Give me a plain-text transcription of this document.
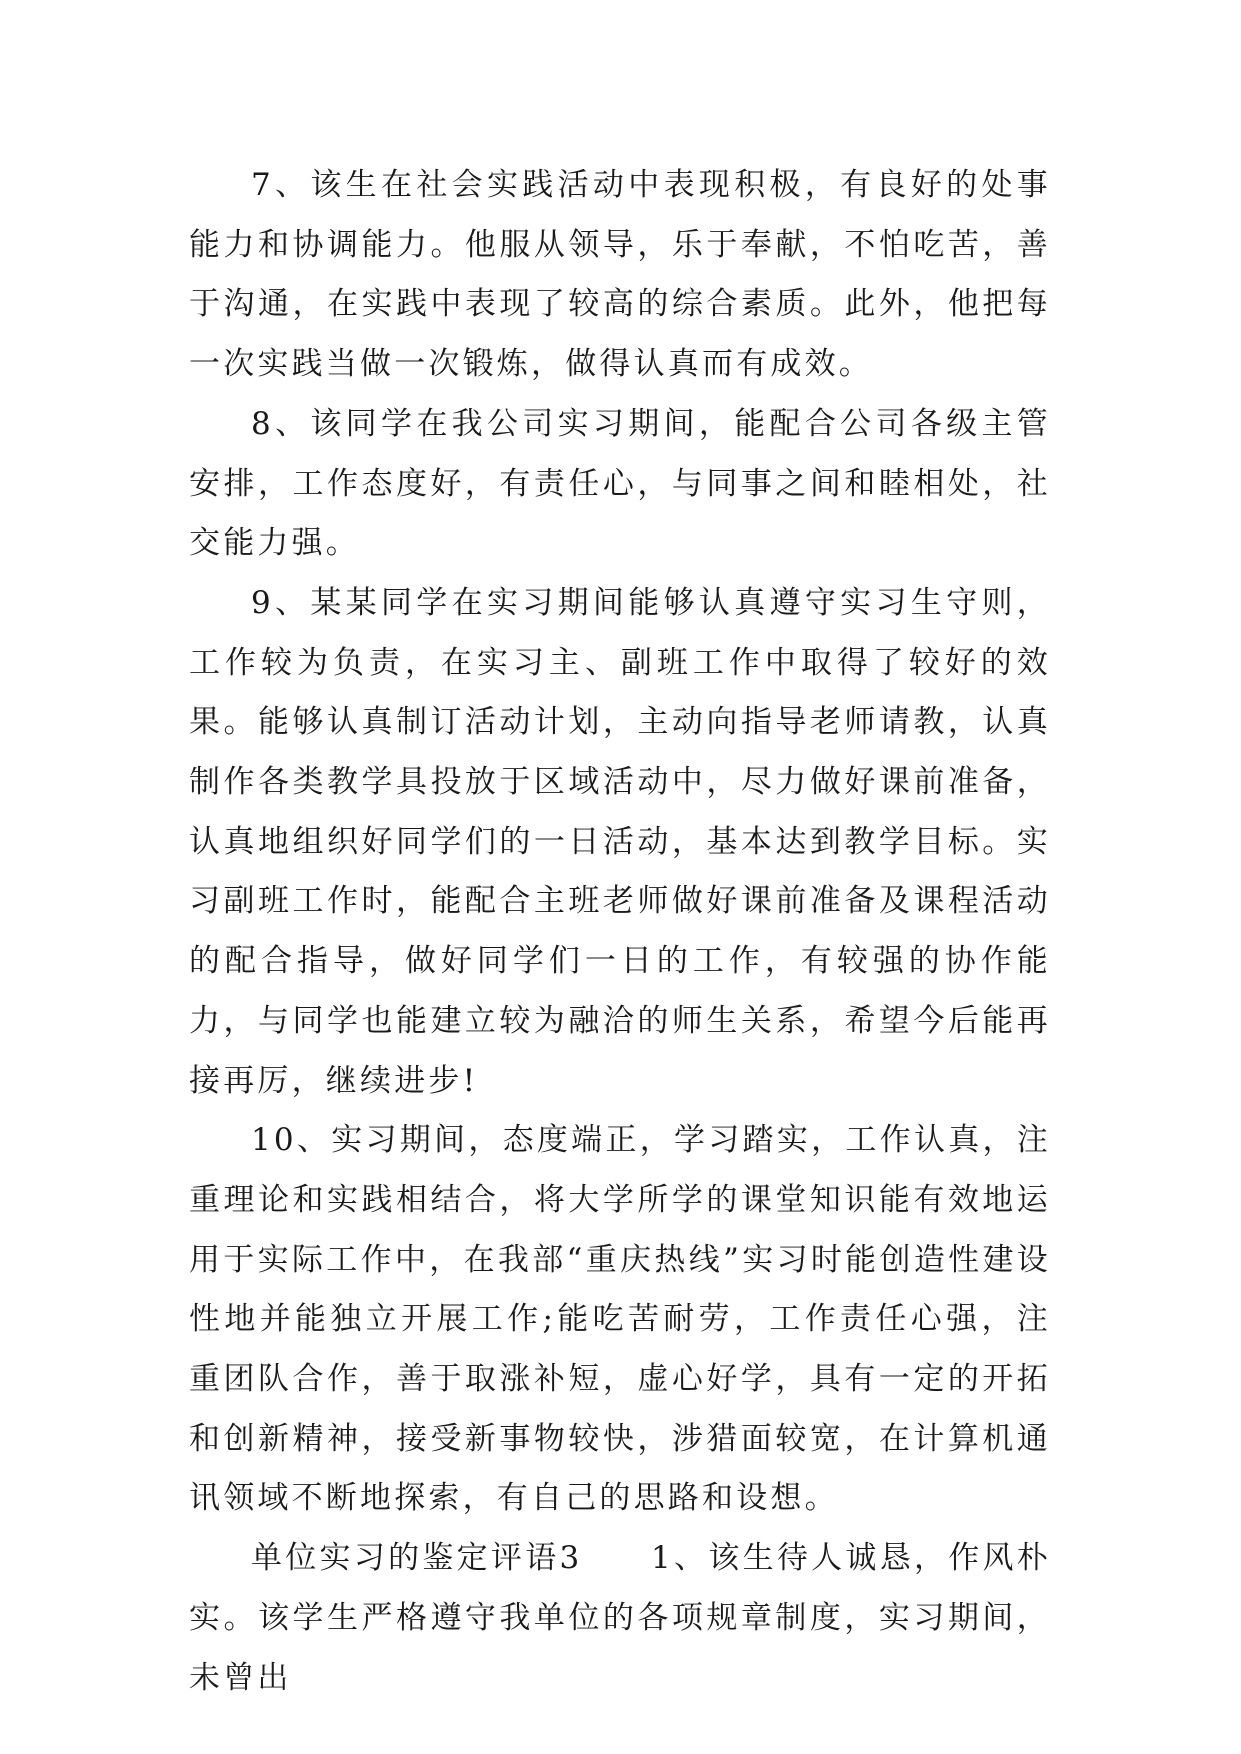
7、该生在社会实践活动中表现积极，有良好的处事能力和协调能力。他服从领导，乐于奉献，不怕吃苦，善于沟通，在实践中表现了较高的综合素质。此外，他把每一次实践当做一次锻炼，做得认真而有成效。

8、该同学在我公司实习期间，能配合公司各级主管安排，工作态度好，有责任心，与同事之间和睦相处，社交能力强。

9、某某同学在实习期间能够认真遵守实习生守则，工作较为负责，在实习主、副班工作中取得了较好的效果。能够认真制订活动计划，主动向指导老师请教，认真制作各类教学具投放于区域活动中，尽力做好课前准备，认真地组织好同学们的一日活动，基本达到教学目标。实习副班工作时，能配合主班老师做好课前准备及课程活动的配合指导，做好同学们一日的工作，有较强的协作能力，与同学也能建立较为融洽的师生关系，希望今后能再接再厉，继续进步!

10、实习期间，态度端正，学习踏实，工作认真，注重理论和实践相结合，将大学所学的课堂知识能有效地运用于实际工作中，在我部“重庆热线”实习时能创造性建设性地并能独立开展工作;能吃苦耐劳，工作责任心强，注重团队合作，善于取涨补短，虚心好学，具有一定的开拓和创新精神，接受新事物较快，涉猎面较宽，在计算机通讯领域不断地探索，有自己的思路和设想。

单位实习的鉴定评语3　　1、该生待人诚恳，作风朴实。该学生严格遵守我单位的各项规章制度，实习期间，未曾出
